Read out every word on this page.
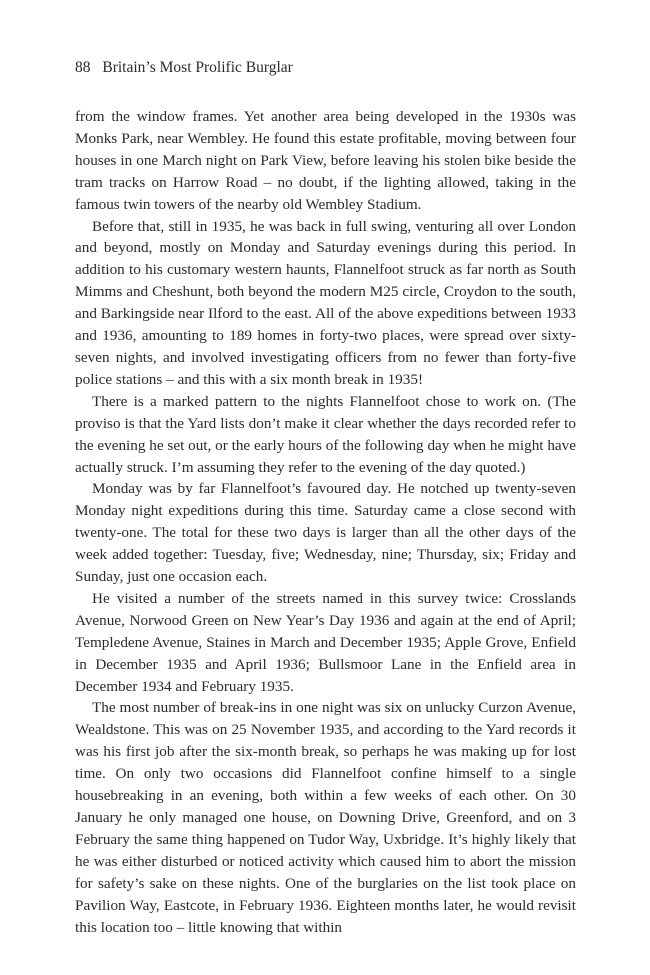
88 Britain’s Most Prolific Burglar

from the window frames. Yet another area being developed in the 1930s was Monks Park, near Wembley. He found this estate profitable, moving between four houses in one March night on Park View, before leaving his stolen bike beside the tram tracks on Harrow Road – no doubt, if the lighting allowed, taking in the famous twin towers of the nearby old Wembley Stadium.

Before that, still in 1935, he was back in full swing, venturing all over London and beyond, mostly on Monday and Saturday evenings during this period. In addition to his customary western haunts, Flannelfoot struck as far north as South Mimms and Cheshunt, both beyond the modern M25 circle, Croydon to the south, and Barkingside near Ilford to the east. All of the above expeditions between 1933 and 1936, amounting to 189 homes in forty-two places, were spread over sixty-seven nights, and involved investigating officers from no fewer than forty-five police stations – and this with a six month break in 1935!

There is a marked pattern to the nights Flannelfoot chose to work on. (The proviso is that the Yard lists don’t make it clear whether the days recorded refer to the evening he set out, or the early hours of the following day when he might have actually struck. I’m assuming they refer to the evening of the day quoted.)

Monday was by far Flannelfoot’s favoured day. He notched up twenty-seven Monday night expeditions during this time. Saturday came a close second with twenty-one. The total for these two days is larger than all the other days of the week added together: Tuesday, five; Wednesday, nine; Thursday, six; Friday and Sunday, just one occasion each.

He visited a number of the streets named in this survey twice: Crosslands Avenue, Norwood Green on New Year’s Day 1936 and again at the end of April; Templedene Avenue, Staines in March and December 1935; Apple Grove, Enfield in December 1935 and April 1936; Bullsmoor Lane in the Enfield area in December 1934 and February 1935.

The most number of break-ins in one night was six on unlucky Curzon Avenue, Wealdstone. This was on 25 November 1935, and according to the Yard records it was his first job after the six-month break, so perhaps he was making up for lost time. On only two occasions did Flannelfoot confine himself to a single housebreaking in an evening, both within a few weeks of each other. On 30 January he only managed one house, on Downing Drive, Greenford, and on 3 February the same thing happened on Tudor Way, Uxbridge. It’s highly likely that he was either disturbed or noticed activity which caused him to abort the mission for safety’s sake on these nights. One of the burglaries on the list took place on Pavilion Way, Eastcote, in February 1936. Eighteen months later, he would revisit this location too – little knowing that within
